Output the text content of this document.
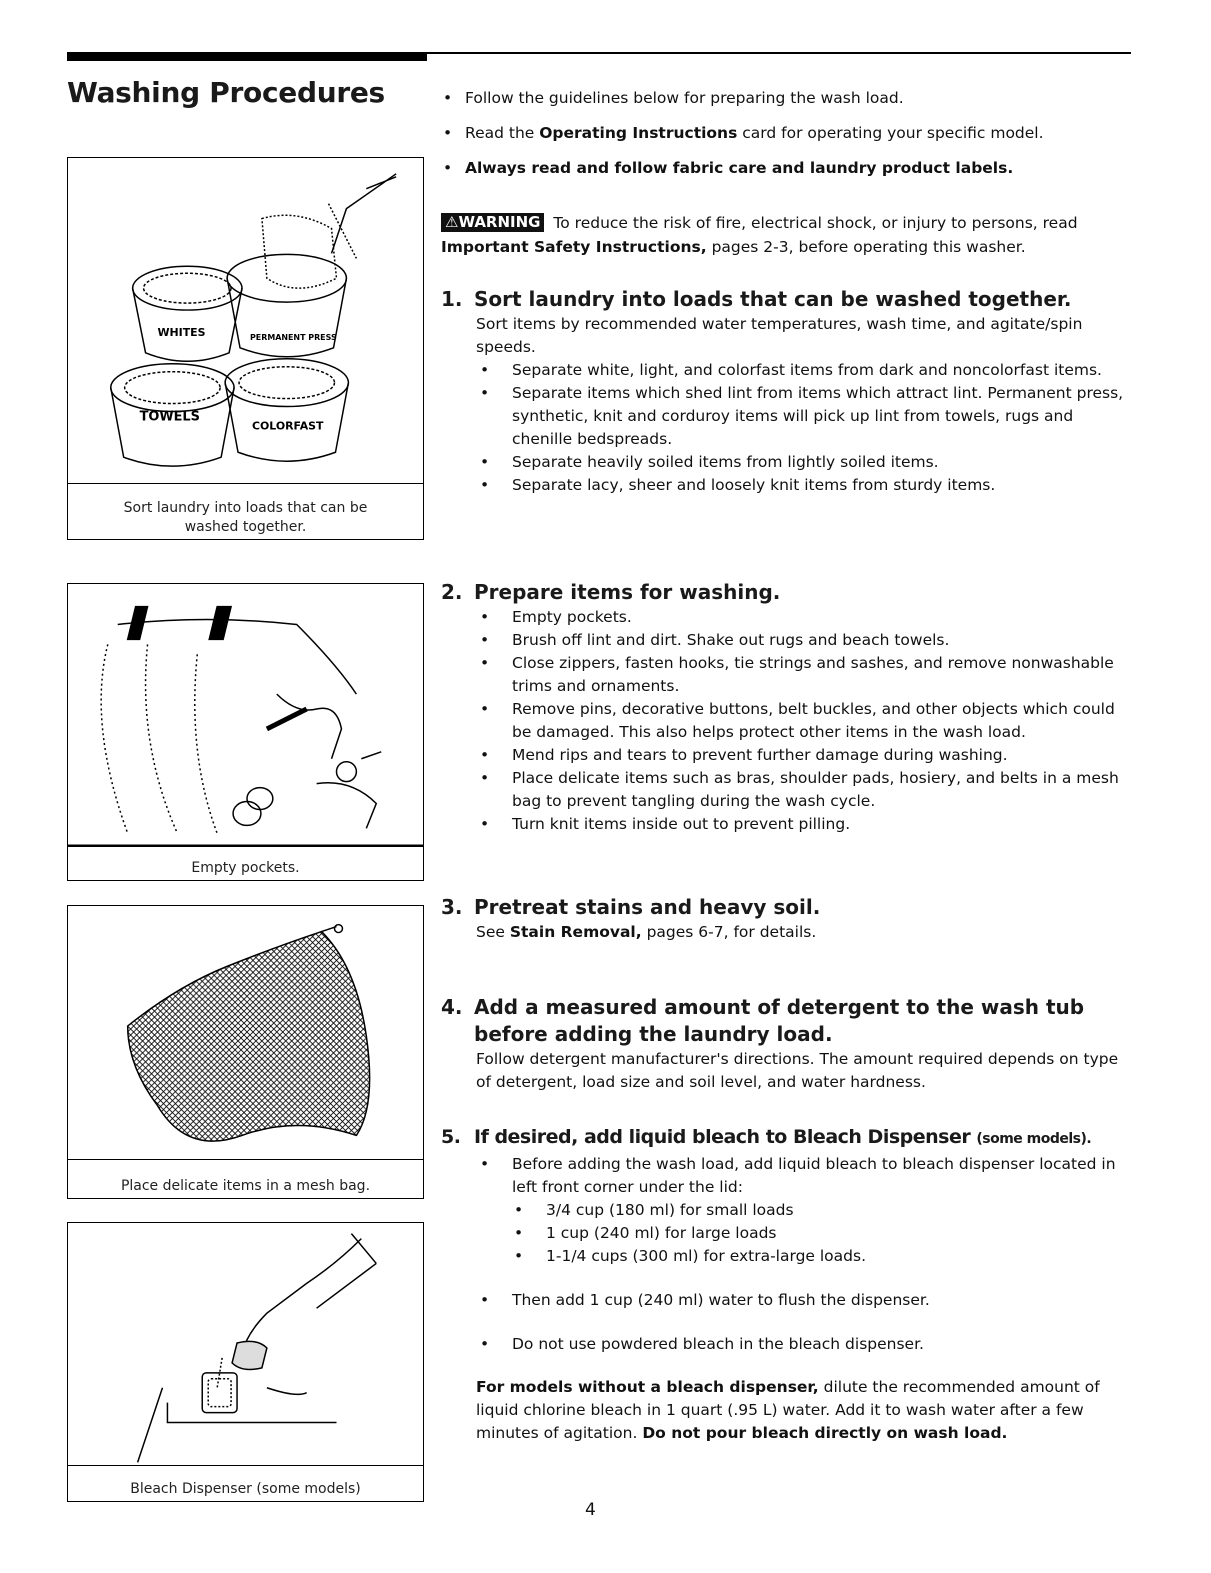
Washing Procedures
WHITES	PERMANENT PRESS
TOWELS
COLORFAST
Sort laundry into loads that can be washed together.
Empty pockets.
Place delicate items in a mesh bag.
Bleach Dispenser (some models)

• Follow the guidelines below for preparing the wash load.

• Read the Operating Instructions card for operating your specific model.

• Always read and follow fabric care and laundry product labels.

⚠WARNING To reduce the risk of fire, electrical shock, or injury to persons, read Important Safety Instructions, pages 2-3, before operating this washer.
1. Sort laundry into loads that can be washed together.

Sort items by recommended water temperatures, wash time, and agitate/spin speeds.

• Separate white, light, and colorfast items from dark and noncolorfast items.

• Separate items which shed lint from items which attract lint. Permanent press, synthetic, knit and corduroy items will pick up lint from towels, rugs and chenille bedspreads.

• Separate heavily soiled items from lightly soiled items.

• Separate lacy, sheer and loosely knit items from sturdy items.

2. Prepare items for washing.

• Empty pockets.

• Brush off lint and dirt. Shake out rugs and beach towels.

• Close zippers, fasten hooks, tie strings and sashes, and remove nonwashable trims and ornaments.

• Remove pins, decorative buttons, belt buckles, and other objects which could be damaged. This also helps protect other items in the wash load.

• Mend rips and tears to prevent further damage during washing.

• Place delicate items such as bras, shoulder pads, hosiery, and belts in a mesh bag to prevent tangling during the wash cycle.

• Turn knit items inside out to prevent pilling.

3. Pretreat stains and heavy soil.

See Stain Removal, pages 6-7, for details.

4. Add a measured amount of detergent to the wash tub before adding the laundry load.

Follow detergent manufacturer's directions. The amount required depends on type of detergent, load size and soil level, and water hardness.

5. If desired, add liquid bleach to Bleach Dispenser (some models).

• Before adding the wash load, add liquid bleach to bleach dispenser located in left front corner under the lid:

• 3/4 cup (180 ml) for small loads

• 1 cup (240 ml) for large loads

• 1-1/4 cups (300 ml) for extra-large loads.

• Then add 1 cup (240 ml) water to flush the dispenser.

• Do not use powdered bleach in the bleach dispenser.

For models without a bleach dispenser, dilute the recommended amount of liquid chlorine bleach in 1 quart (.95 L) water. Add it to wash water after a few minutes of agitation. Do not pour bleach directly on wash load.

4
